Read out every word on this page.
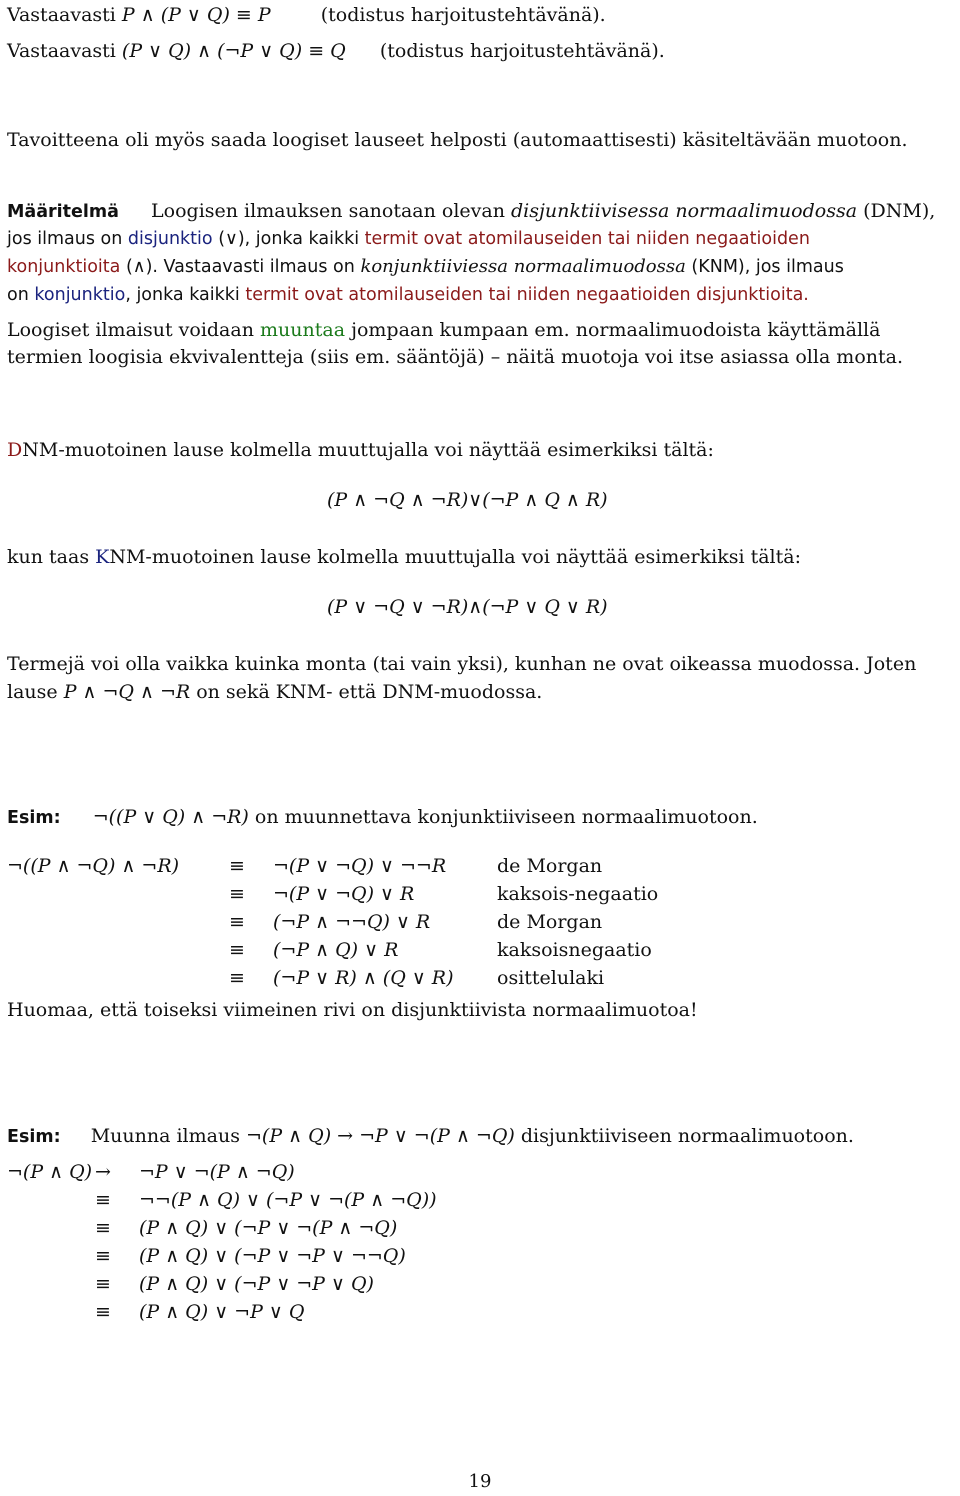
Vastaavasti P ∧ (P ∨ Q) ≡ P	(todistus harjoitustehtävänä).
Vastaavasti (P ∨ Q) ∧ (¬P ∨ Q) ≡ Q (todistus harjoitustehtävänä).
Tavoitteena oli myös saada loogiset lauseet helposti (automaattisesti) käsiteltävään muotoon.
Määritelmä Loogisen ilmauksen sanotaan olevan disjunktiivisessa normaalimuodossa (DNM),
jos ilmaus on disjunktio (∨), jonka kaikki termit ovat atomilauseiden tai niiden negaatioiden
konjunktioita (∧). Vastaavasti ilmaus on konjunktiiviessa normaalimuodossa (KNM), jos ilmaus
on konjunktio, jonka kaikki termit ovat atomilauseiden tai niiden negaatioiden disjunktioita.
Loogiset ilmaisut voidaan muuntaa jompaan kumpaan em. normaalimuodoista käyttämällä
termien loogisia ekvivalentteja (siis em. sääntöjä) – näitä muotoja voi itse asiassa olla monta.
DNM-muotoinen lause kolmella muuttujalla voi näyttää esimerkiksi tältä:
(P ∧ ¬Q ∧ ¬R)∨(¬P ∧ Q ∧ R)
kun taas KNM-muotoinen lause kolmella muuttujalla voi näyttää esimerkiksi tältä:
(P ∨ ¬Q ∨ ¬R)∧(¬P ∨ Q ∨ R)
Termejä voi olla vaikka kuinka monta (tai vain yksi), kunhan ne ovat oikeassa muodossa. Joten
lause P ∧ ¬Q ∧ ¬R on sekä KNM- että DNM-muodossa.
Esim: ¬((P ∨ Q) ∧ ¬R) on muunnettava konjunktiiviseen normaalimuotoon.
¬((P ∧ ¬Q) ∧ ¬R)	≡	¬(P ∨ ¬Q) ∨ ¬¬R	de Morgan
	≡	¬(P ∨ ¬Q) ∨ R	kaksois-negaatio
	≡	(¬P ∧ ¬¬Q) ∨ R	de Morgan
	≡	(¬P ∧ Q) ∨ R	kaksoisnegaatio
	≡	(¬P ∨ R) ∧ (Q ∨ R)	osittelulaki
Huomaa, että toiseksi viimeinen rivi on disjunktiivista normaalimuotoa!
Esim: Muunna ilmaus ¬(P ∧ Q) → ¬P ∨ ¬(P ∧ ¬Q) disjunktiiviseen normaalimuotoon.
¬(P ∧ Q)	→	¬P ∨ ¬(P ∧ ¬Q)
	≡	¬¬(P ∧ Q) ∨ (¬P ∨ ¬(P ∧ ¬Q))
	≡	(P ∧ Q) ∨ (¬P ∨ ¬(P ∧ ¬Q)
	≡	(P ∧ Q) ∨ (¬P ∨ ¬P ∨ ¬¬Q)
	≡	(P ∧ Q) ∨ (¬P ∨ ¬P ∨ Q)
	≡	(P ∧ Q) ∨ ¬P ∨ Q
19
